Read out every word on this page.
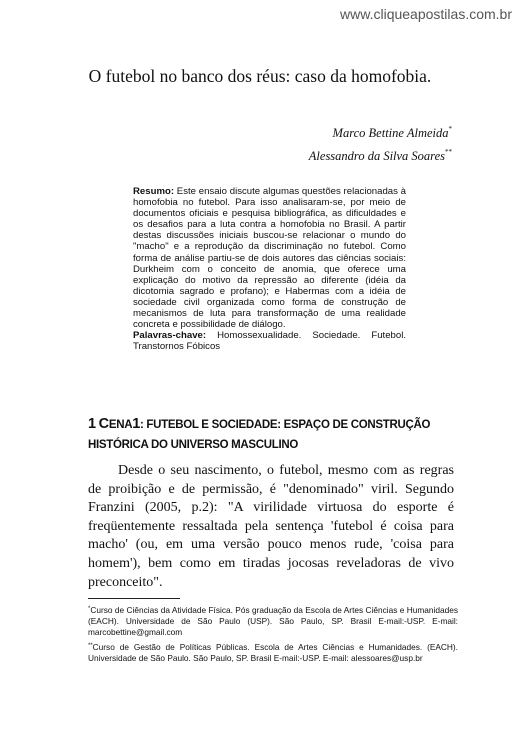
www.cliqueapostilas.com.br
O futebol no banco dos réus: caso da homofobia.
Marco Bettine Almeida*
Alessandro da Silva Soares**

Resumo: Este ensaio discute algumas questões relacionadas à homofobia no futebol. Para isso analisaram-se, por meio de documentos oficiais e pesquisa bibliográfica, as dificuldades e os desafios para a luta contra a homofobia no Brasil. A partir destas discussões iniciais buscou-se relacionar o mundo do "macho" e a reprodução da discriminação no futebol. Como forma de análise partiu-se de dois autores das ciências sociais: Durkheim com o conceito de anomia, que oferece uma explicação do motivo da repressão ao diferente (idéia da dicotomia sagrado e profano); e Habermas com a idéia de sociedade civil organizada como forma de construção de mecanismos de luta para transformação de uma realidade concreta e possibilidade de diálogo.

Palavras-chave: Homossexualidade. Sociedade. Futebol. Transtornos Fóbicos

1 CENA1: FUTEBOL E SOCIEDADE: ESPAÇO DE CONSTRUÇÃO HISTÓRICA DO UNIVERSO MASCULINO

Desde o seu nascimento, o futebol, mesmo com as regras de proibição e de permissão, é "denominado" viril. Segundo Franzini (2005, p.2): "A virilidade virtuosa do esporte é freqüentemente ressaltada pela sentença 'futebol é coisa para macho' (ou, em uma versão pouco menos rude, 'coisa para homem'), bem como em tiradas jocosas reveladoras de vivo preconceito".

*Curso de Ciências da Atividade Física. Pós graduação da Escola de Artes Ciências e Humanidades (EACH). Universidade de São Paulo (USP). São Paulo, SP. Brasil E-mail:-USP. E-mail: marcobettine@gmail.com

**Curso de Gestão de Políticas Públicas. Escola de Artes Ciências e Humanidades. (EACH). Universidade de São Paulo. São Paulo, SP. Brasil E-mail:-USP. E-mail: alessoares@usp.br
